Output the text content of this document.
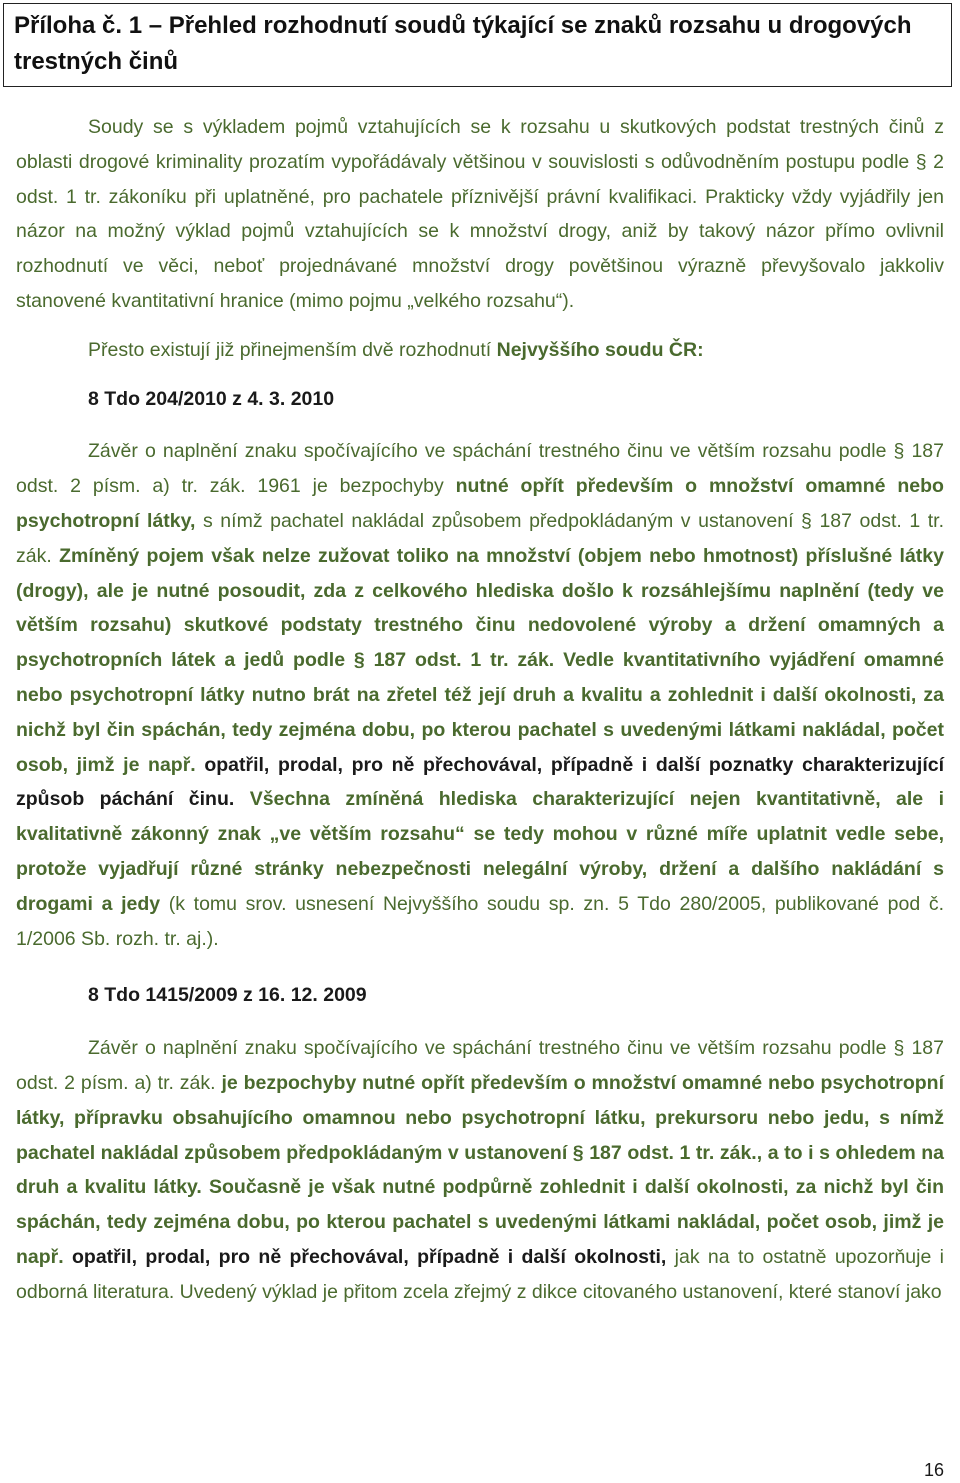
Příloha č. 1 – Přehled rozhodnutí soudů týkající se znaků rozsahu u drogových trestných činů

Soudy se s výkladem pojmů vztahujících se k rozsahu u skutkových podstat trestných činů z oblasti drogové kriminality prozatím vypořádávaly většinou v souvislosti s odůvodněním postupu podle § 2 odst. 1 tr. zákoníku při uplatněné, pro pachatele příznivější právní kvalifikaci. Prakticky vždy vyjádřily jen názor na možný výklad pojmů vztahujících se k množství drogy, aniž by takový názor přímo ovlivnil rozhodnutí ve věci, neboť projednávané množství drogy povětšinou výrazně převyšovalo jakkoliv stanovené kvantitativní hranice (mimo pojmu „velkého rozsahu“).

Přesto existují již přinejmenším dvě rozhodnutí Nejvyššího soudu ČR:

8 Tdo 204/2010 z 4. 3. 2010

Závěr o naplnění znaku spočívajícího ve spáchání trestného činu ve větším rozsahu podle § 187 odst. 2 písm. a) tr. zák. 1961 je bezpochyby nutné opřít především o množství omamné nebo psychotropní látky, s nímž pachatel nakládal způsobem předpokládaným v ustanovení § 187 odst. 1 tr. zák. Zmíněný pojem však nelze zužovat toliko na množství (objem nebo hmotnost) příslušné látky (drogy), ale je nutné posoudit, zda z celkového hlediska došlo k rozsáhlejšímu naplnění (tedy ve větším rozsahu) skutkové podstaty trestného činu nedovolené výroby a držení omamných a psychotropních látek a jedů podle § 187 odst. 1 tr. zák. Vedle kvantitativního vyjádření omamné nebo psychotropní látky nutno brát na zřetel též její druh a kvalitu a zohlednit i další okolnosti, za nichž byl čin spáchán, tedy zejména dobu, po kterou pachatel s uvedenými látkami nakládal, počet osob, jimž je např. opatřil, prodal, pro ně přechovával, případně i další poznatky charakterizující způsob páchání činu. Všechna zmíněná hlediska charakterizující nejen kvantitativně, ale i kvalitativně zákonný znak „ve větším rozsahu“ se tedy mohou v různé míře uplatnit vedle sebe, protože vyjadřují různé stránky nebezpečnosti nelegální výroby, držení a dalšího nakládání s drogami a jedy (k tomu srov. usnesení Nejvyššího soudu sp. zn. 5 Tdo 280/2005, publikované pod č. 1/2006 Sb. rozh. tr. aj.).

8 Tdo 1415/2009 z 16. 12. 2009

Závěr o naplnění znaku spočívajícího ve spáchání trestného činu ve větším rozsahu podle § 187 odst. 2 písm. a) tr. zák. je bezpochyby nutné opřít především o množství omamné nebo psychotropní látky, přípravku obsahujícího omamnou nebo psychotropní látku, prekursoru nebo jedu, s nímž pachatel nakládal způsobem předpokládaným v ustanovení § 187 odst. 1 tr. zák., a to i s ohledem na druh a kvalitu látky. Současně je však nutné podpůrně zohlednit i další okolnosti, za nichž byl čin spáchán, tedy zejména dobu, po kterou pachatel s uvedenými látkami nakládal, počet osob, jimž je např. opatřil, prodal, pro ně přechovával, případně i další okolnosti, jak na to ostatně upozorňuje i odborná literatura. Uvedený výklad je přitom zcela zřejmý z dikce citovaného ustanovení, které stanoví jako

16
